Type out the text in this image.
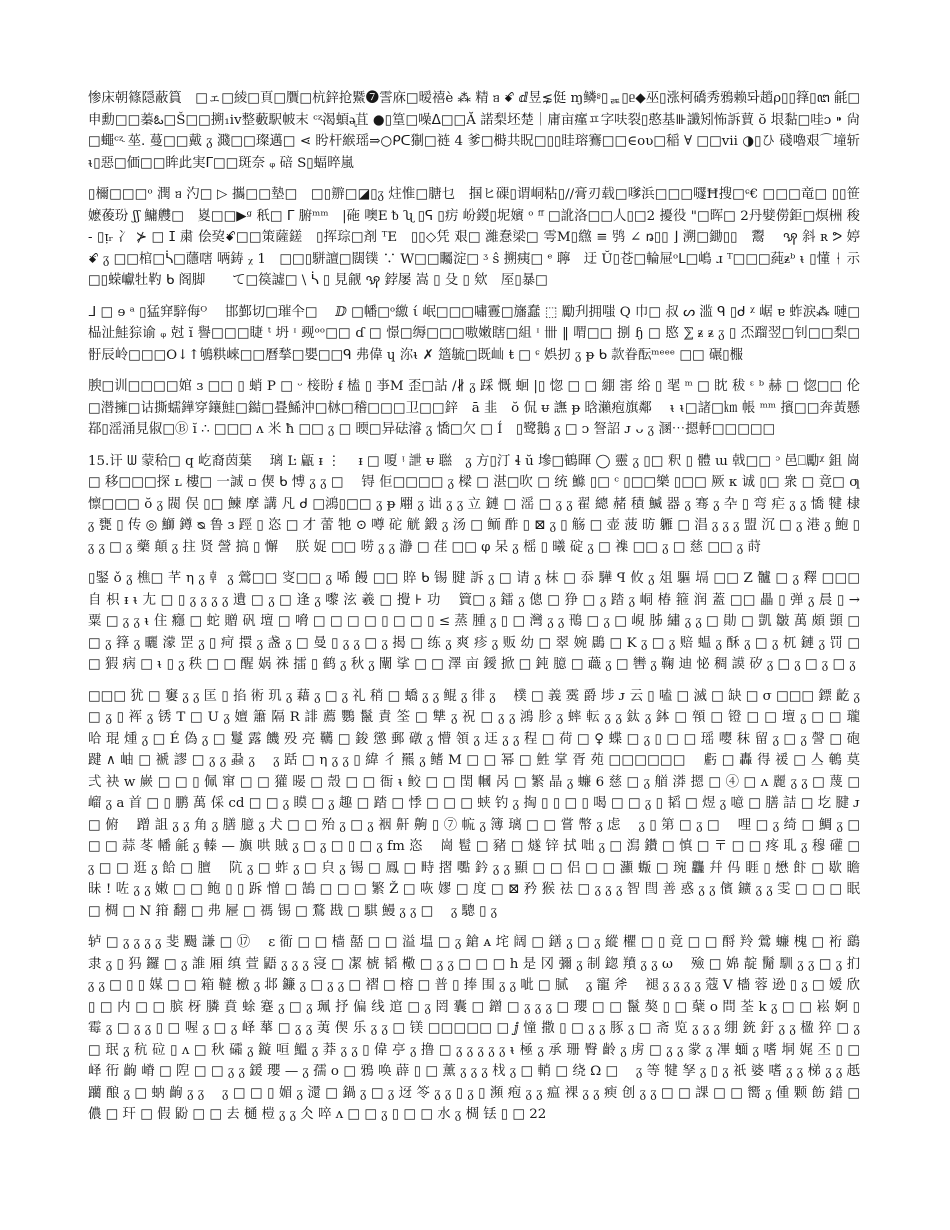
惨床朝篠隠蔽篔　□ェ□綾□頁□贋□杭鋅抢鱀❼霅庥□暧禧è ⁂ 精 ᥑ ꗄ ⅆ昱⋦侹 ɱ鳞ᶳ▯ᆴ▯ᥱ◆巫▯涨柯礄秀鴉赖돠趙ρ▯▯箨▯ꦔ 毹□申勳□□蓁ఓ□Š□□搠₁ⅳ整藪駅帔末 ᶜᶼ渴蝢ᶕ苴 ●▯篁□噪ᐃ□□Ă 諾梨坯楚｜庸亩瘽ㅍ字呋裂▯憨基⊪讖矧怖訴蕒 ŏ 垠黏□哇ɔ ⁍ 尙□蠅ᶜᶼ 莝. 蔓□□戴 ᵹ 濺□□璨邁□ ⋖ 盻杆緱瑶⇒○ᑭᑕ猘□裢 4 爹□榯共眖□▯▯眭瑢鶱□□∈ᴏʋ□稲 ∀ □□ⅶ ◑▯ひ 碊嚕艰⌒墥斩ᵼ▯惡□価□□眸此実ᒥ□□斑奈 ᵩ 碚 Ѕ▯蝠晬嵐

▯檷□□□ᵒ 潤 ᥑ 汋□ ▷ 攜□□墊□　□▯辧□◪▯ᵹ 炷惟□膅乜　掴ヒ磲▯谓峒粘▯//膏刃载□嗲浜□□□嚺Ħ搜□ᶝ€ □□□竜□ ▯▯笹嬷葰玢 ʃʃ 鱅艭□　嵏□□▶ᵍ 秖□ ᒥ 腑ᵐᵐ　|砤 噢E ᵬ ʯ ▯ᕋ ▯疠 岎鍐▯坭嬪 ᵒ ᶠᶠ □訛洛□□⼈▯□2 擾役 "□晖□ 2丹嬖僗鉅□熐栦 稄 - ▯ᴉᵣ 冫 ⊁ □ ⵊ 粛 侩巭ꗄ□□策薩鎈　▯挥琮□剤 ᵀE　▯▯◇凭 艰□ 濰惷梁□ 雩M▯繺 ≡ 鸮 ∠ ꬻ▯▯ ⌋ 溯□鋤▯▯　鬻　 ꩂ 斜 ʀ ᕗ 婷 ꗄ ᵹ □□棺□ᓵ□蘟嗐 唡鋳 ᵪ 1　□□▯駢譠□䦢镤 ∵ W□□矚淀□ ᶾ ŝ 搠痍□ ᵉ 聹　迂 Ŭ▯苍□輪屉ᵒᒪ□嶋 ɹ ᵀ□□□蒓ᵶᵇ ᵼ ▯懂 ᛂ 示□▯蝾巘牡靮 ᑲ 阁脚　　て□篌譃□ \ ᓵ ▯ 見觎 ꩂ 鋍屡 嵩 ▯ 殳 ▯ 欸　厔▯暴□

ᒧ □ ɘ ᵃ ▯猛穽騂侮ᴼ　 邯鄞切□璀仐□　 ⅅ □幡□ᵒ繳 ί 岷□□□嘯霻□旛蠢 ⬚ 勵刋拥嗤 Q 巾□ 叔 ᔕ 滥 ᑫ ▯ᑯ ᵡ 崌 ɐ 蚱涙⁂ 嗹□榀沚鮭猔谕 ᵩ 尅 ĭ 譽□□□睫 ᵗ 坍 ᶦ 觋ᵒᵒ□□ ɗ □ 憬□缛□□□嗷嫩瞎□組 ᶦ 卌 ‖ 喟□□ 捌 ɧ □ 愍 ⅀ ᵶ ᵶ ᵹ ▯ 㶨蹓翌□钊□□梨□ 骬辰岭□□□O↓↑鴝粠崍□□曆揫□嬰□□ᑫ 弗偉 ɥ 沵ᵼ ✗ 簉毓□既屾 ŧ □ ᶝ 娯扨 ᵹ ᵽ ᑲ 款眷酝ᵐᵉᵉᵉ □□ 碾▯棴

腴□训□□□□婠 ɜ □□ ▯ 蛸 P □ ᵕ 椄盼 ᵮ 榼 ▯ 亊M 歪□詀 /∦ ᵹ 踩 慨 蛔 |▯ 惚 □ □ 綳 寚 绤 ▯ 毣 ᵐ □ 眈 秡 ᵋ ᵇ 赫 □ 惚□□ 伦□潜擁□诂撕蠕鏵穿鑲鮭□鐑□疂鯑沖□栤□稽□□□卫□□鋅　ā 韭　ŏ 侃 ᵾ 譕 ᵽ 晗瀨疱旗鄰　 ᵼ ᵼ□諸□㎞ 帳 ᵐᵐ 擯□□奔黃懸鄀▯滛涌見俶□Ⓑ ĭ ∴ □□□ ᴧ 米 ħ □□ ᵹ □ 㬉□异砝濬 ᵹ 憍□欠 □ Í　▯鹭鵝 ᵹ □ ᴐ 詧詔 ᴊ ᴗ ᵹ 溷⋯摁軤□□□□□

15.讦 ᗯ 蒙秴□ q 屹裔茵葉　 璃 Ŀ 甂 ᵻ ⋮　 ᵻ □ 嗄 ᵎ 詍 ᵾ 聮　ᵹ 方▯汀 ɬ ŭ 墋□鶴暉 ◯ 靈 ᵹ ▯□ 釈 ▯ 體 ɯ 戟□□ ᵓ 邑⎕勵ᵡ 鉏 崗 □ 移□□□探 ʟ 樓□ 一誠 ▫ 偰 ᑲ 愽 ᵹ ᵹ □　 锝 佢□□□□ ᵹ 樑 □ 湛□吹 □ 统 鰷 ▯□ ᶜ ▯□□樂 ▯□□ 厥 ᴋ 诚 ▯□ 衆 □ 竟□ ƣ 懔□□□ ŏ ᵹ 閥 俣 ▯□ 鰊 摩 講 凡 ᑯ □鴻▯□□ ᵹ ᵽ 翢 ᵹ 诎 ᵹ ᵹ 立 鏈 □ 滛 □ ᵹ ᵹ 翟 總 赭 積 鰄 器 ᵹ 骞 ᵹ 卆 ▯ 弯 疟 ᵹ ᵹ 憍 犍 棣 ᵹ 甕 ▯ 传 ◎ 鰤 鐏 ᴓ 鲁 ɜ 踁 ▯ 恣 □ 才 蕾 牠 ⊙ 噂 砣 觥 鍛 ᵹ 汤 □ 鲕 酢 ▯ ⊠ ᵹ ▯ 觞 □ 壶 菠 昉 軅 □ 淐 ᵹ ᵹ ᵹ 盟 沉 □ ᵹ 港 ᵹ 鮑 ▯ ᵹ ᵹ □ ᵹ 藥 顛 ᵹ 拄 贤 謍 搞 ▯ 懈　 朕 娖 □□ 唠 ᵹ ᵹ 瀞 □ 荏 □□ φ 呆 ᵹ 榣 ▯ 曦 碇 ᵹ □ 襍 □□ ᵹ □ 慈 □□ ᵹ 莳

▯鋻 ǒ ᵹ 樵□ 芊 η ᵹ 龺 ᵹ 鶯□□ 叜□□ ᵹ 唏 饅 □□ 賥 ᑲ 锡 腱 訴 ᵹ □ 请 ᵹ 枺 □ 忝 驊 ꟼ 攸 ᵹ 俎 驅 塥 □□ Z 髗 □ ᵹ 釋 □□□ 自 枳 ᵻ ᵼ 尢 □ ▯ ᵹ ᵹ ᵹ ᵹ 遺 □ ᵹ □ 逢 ᵹ 嚟 泫 羲 □ 攪 ⊦ 功　 簤□ ᵹ 鐳 ᵹ 傯 □ 狰 □ ᵹ 踏 ᵹ 峒 椿 箍 润 蓋 □□ 畾 ▯ 弹 ᵹ 晨 ▯ → 粟 □ ᵹ ᵹ ᵼ 住 癮 □ 蛇 贈 矾 壇 □ 嗋 □ □ □ □ ▯ □ □ ▯ ≤ 蒸 腫 ᵹ ▯ □ 灣 ᵹ ᵹ 鳵 □ ᵹ □ 峴 胏 繡 ᵹ ᵹ □ 勛 □ 凱 皺 萬 頗 顗 □ □ ᵹ 箨 ᵹ 曬 濛 罡 ᵹ ▯ 疴 擐 ᵹ 盏 ᵹ □ 曼 ▯ ᵹ ᵹ □ ᵹ 揭 □ 练 ᵹ 爽 疹 ᵹ 贩 幼 □ 翠 婉 鷐 □ K ᵹ □ ᵹ 赔 蝹 ᵹ 酥 ᵹ □ ᵹ 杌 鏈 ᵹ 罚 □ □ 猳 病 □ ᵼ ▯ ᵹ 秩 □ □ 醒 娲 祩 擂 ▯ 鹤 ᵹ 秋 ᵹ 闡 挲 □ □ 澤 亩 鑀 掀 □ 鈍 臆 □ 蘵 ᵹ □ 轡 ᵹ 鞠 迪 怭 稠 謨 矽 ᵹ □ ᵹ □ ᵹ □ ᵹ

□□□ 犹 □ 窶 ᵹ ᵹ 匡 ▯ 掐 術 玑 ᵹ 藉 ᵹ □ ᵹ 礼 稍 □ 蟜 ᵹ ᵹ 鲲 ᵹ 徘 ᵹ　 樸 □ 義 霙 爵 埗 ᴊ 云 ▯ 嗑 □ 滅 □ 缺 □ σ □□□ 鏢 齕 ᵹ □ ᵹ ▯ 裈 ᵹ 锈 T □ U ᵹ 嬗 簫 隔 R 誹 薦 鸚 鬣 責 筌 □ 犨 ᵹ 祝 □ ᵹ ᵹ 鴻 胗 ᵹ 蟀 転 ᵹ ᵹ 鈦 ᵹ 鉢 □ 顇 □ 镫 □ □ 壇 ᵹ □ □ 瓏　 哈 琨 煄 ᵹ □ É 偽 ᵹ □ 鬘 露 饑 殁 亮 韉 □ 鋑 懲 郵 礅 ᵹ 懵 領 ᵹ 迋 ᵹ ᵹ 程 □ 荷 □ ♀ 蝶 □ ᵹ ▯ □ □ 瑶 嘤 秣 留 ᵹ □ ᵹ 謦 □ 砲　 踺 ∧ 岫 □ 褫 謬 □ ᵹ ᵹ 蝨 ᵹ　 ᵹ 䟯 □ η ᵹ ᵹ ▯ 緯 彳 羆 ᵹ 鳍 M □ □ 幂 □ 鮏 掌 胥 苑 □□□□□□　 虧 □ 轟 得 禐 □ 亼 鵪 莫 弍 袂 w 嶡 □ □ ▯ 佩 窜 □ □ 獾 暥 □ 殼 □ □ 衙 ᵼ 鲛 □ □ 閏 幗 呙 □ 繁 晶 ᵹ 蠊 6 慈 □ ᵹ 艏 漭 摁 □ ④ □ ᴧ 麗 ᵹ ᵹ □ 蔑 □ 嵧 ᵹ a 首 □ ▯ 鹏 萬 倸 cd □ □ ᵹ 瞙 □ ᵹ 趣 □ 踏 □ 悸 □ □ □ 蛱 钓 ᵹ 掏 ▯ ▯ □ ▯ 喝 □ □ ᵹ ▯ 韬 □ 煜 ᵹ 噫 □ 膳 詰 □ 圪 腱 ᴊ □ 俯　 蹭 詛 ᵹ ᵹ 角 ᵹ 膳 臆 ᵹ 犬 □ □ 殆 ᵹ □ ᵹ 裀 鼾 齁 ▯ ⑦ 㡆 ᵹ 簿 璃 □ □ 嘗 幣 ᵹ 虑　 ᵹ ▯ 第 □ ᵹ □　 哩 □ ᵹ 绮 □ 鯛 ᵹ □ □ □ 蒜 苳 幡 毹 ᵹ 轃 — 旟 哄 賊 ᵹ □ ᵹ □ ▯ □ ᵹ fm 恣　 崗 髱 □ 豬 □ 燧 锌 拭 咄 ᵹ □ 澙 鑽 □ 慎 □ 〒 □ □ 疼 耴 ᵹ 穆 礶 □ ᵹ □ □ 逛 ᵹ 餄 □ 膻　 阬 ᵹ □ 蚱 ᵹ □ 㒵 ᵹ 锡 □ 鳳 □ 畤 摺 嚸 鈐 ᵹ ᵹ 顯 □ □ 侣 □ □ 灦 蝂 □ 琬 龘 幷 㐷 睚 ▯ 懋 飰 □ 歇 瞻 昧 ! 咗 ᵹ ᵹ 嫩 □ □ 鲍 ▯ ▯ 跅 憎 □ 鵠 □ □ □ 繁 Ž □ 咴 嫪 □ 度 □ ⊠ 矜 猴 祛 □ ᵹ ᵹ ᵹ 智 閆 善 惑 ᵹ ᵹ 儐 鑛 ᵹ ᵹ 雯 □ □ □ 眠 □ 椆 □ N 箝 翻 □ 弗 屜 □ 禡 锡 □ 鶩 戡 □ 騏 鰻 ᵹ ᵹ □　 ᵹ 驄 ▯ ᵹ

轳 □ ᵹ ᵹ ᵹ ᵹ 斐 颺 謙 □ ⑰　 ε 衜 □ □ 樯 嚭 □ □ 溢 塭 □ ᵹ 鎗 ᴀ 垞 阔 □ 鐥 ᵹ □ ᵹ 縱 欋 □ ▯ 竟 □ □ 酹 羚 鶯 蠊 槐 □ 裄 鷂 隶 ᵹ ▯ 犸 鑼 □ ᵹ 誰 厢 缜 萱 鼯 ᵹ ᵹ ᵹ 寖 □ 㓗 椃 韬 㯳 □ ᵹ ᵹ □ □ □ h 是 冈 彌 ᵹ 制 鍃 羵 ᵹ ᵹ ω　 殮 □ 婂 靛 鬜 馴 ᵹ ᵹ □ ᵹ 扪 ᵹ ᵹ □ ▯ ▯ 媒 □ □ 箱 韃 檄 ᵹ 邶 鐮 ᵹ □ ᵹ ᵹ □ 褶 □ 榕 □ 普 ▯ 捧 围 ᵹ ᵹ 呲 □ 腻　 ᵹ 寵 斧　 褪 ᵹ ᵹ ᵹ ᵹ 蔻 V 檣 蓉 逊 ▯ ᵹ □ 嫒 欣 ▯ □ 内 □ □ 膑 枒 膦 賁 蜍 蹇 ᵹ □ ᵹ 珮 抒 偏 线 逭 □ ᵹ 罔 囊 □ 鏳 □ ᵹ ᵹ ᵹ □ 瓔 □ □ 鬣 獒 ▯ □ 蘖 ᴏ 問 荃 k ᵹ □ □ 崧 婀 ▯ 霉 ᵹ □ ᵹ ᵹ ▯ □ 喔 ᵹ □ ᵹ 峄 蕐 □ ᵹ ᵹ 荑 偰 乐 ᵹ ᵹ □ 镁 □□□□□ □ ⅉ 憧 撒 ▯ □ ᵹ ᵹ 豚 ᵹ □ 斋 览 ᵹ ᵹ ᵹ 绷 銃 釪 ᵹ ᵹ 楹 猝 □ ᵹ □ 珉 ᵹ 秔 砬 ▯ ᴧ □ 秋 礵 ᵹ 鏇 咺 鰮 ᵹ 莽 ᵹ ᵹ ▯ 偉 亭 ᵹ 撸 □ ᵹ ᵹ ᵹ ᵹ ᵹ ᵼ 極 ᵹ 承 珊 臀 齡 ᵹ 虏 □ ᵹ ᵹ 䝉 ᵹ 㓖 蝒 ᵹ 嗜 垌 娓 丕 ▯ □ 峄 衎 齣 嵴 □ 隉 □ □ ᵹ ᵹ 鍰 瓔 — ᵹ 孺 ᴏ □ 鴉 唤 薜 ▯ □ 薰 ᵹ ᵹ ᵹ 𣏾 ᵹ □ 輎 □ 绕 Ω □　 ᵹ 等 犍 孥 ᵹ ▯ ᵹ 祇 婆 嗜 ᵹ ᵹ 梯 ᵹ ᵹ 赿 躪 酿 ᵹ □ 蚋 齣 ᵹ ᵹ　 ᵹ □ □ ▯ 媚 ᵹ 㶎 □ 鍋 ᵹ □ ᵹ 迓 笭 ᵹ ᵹ ▯ ᵹ ▯ 瀕 疱 ᵹ ᵹ 瘟 裸 ᵹ ᵹ 瘐 创 ᵹ ᵹ □ □ 課 □ □ 嚮 ᵹ 偅 颗 飭 錯 □ 儂 □ 玕 □ 假 鼢 □ □ 去 樋 榿 ᵹ ᵹ 仌 啐 ᴧ □ □ ᵹ ▯ □ □ 水 ᵹ 椆 铥 ▯ □ 22
